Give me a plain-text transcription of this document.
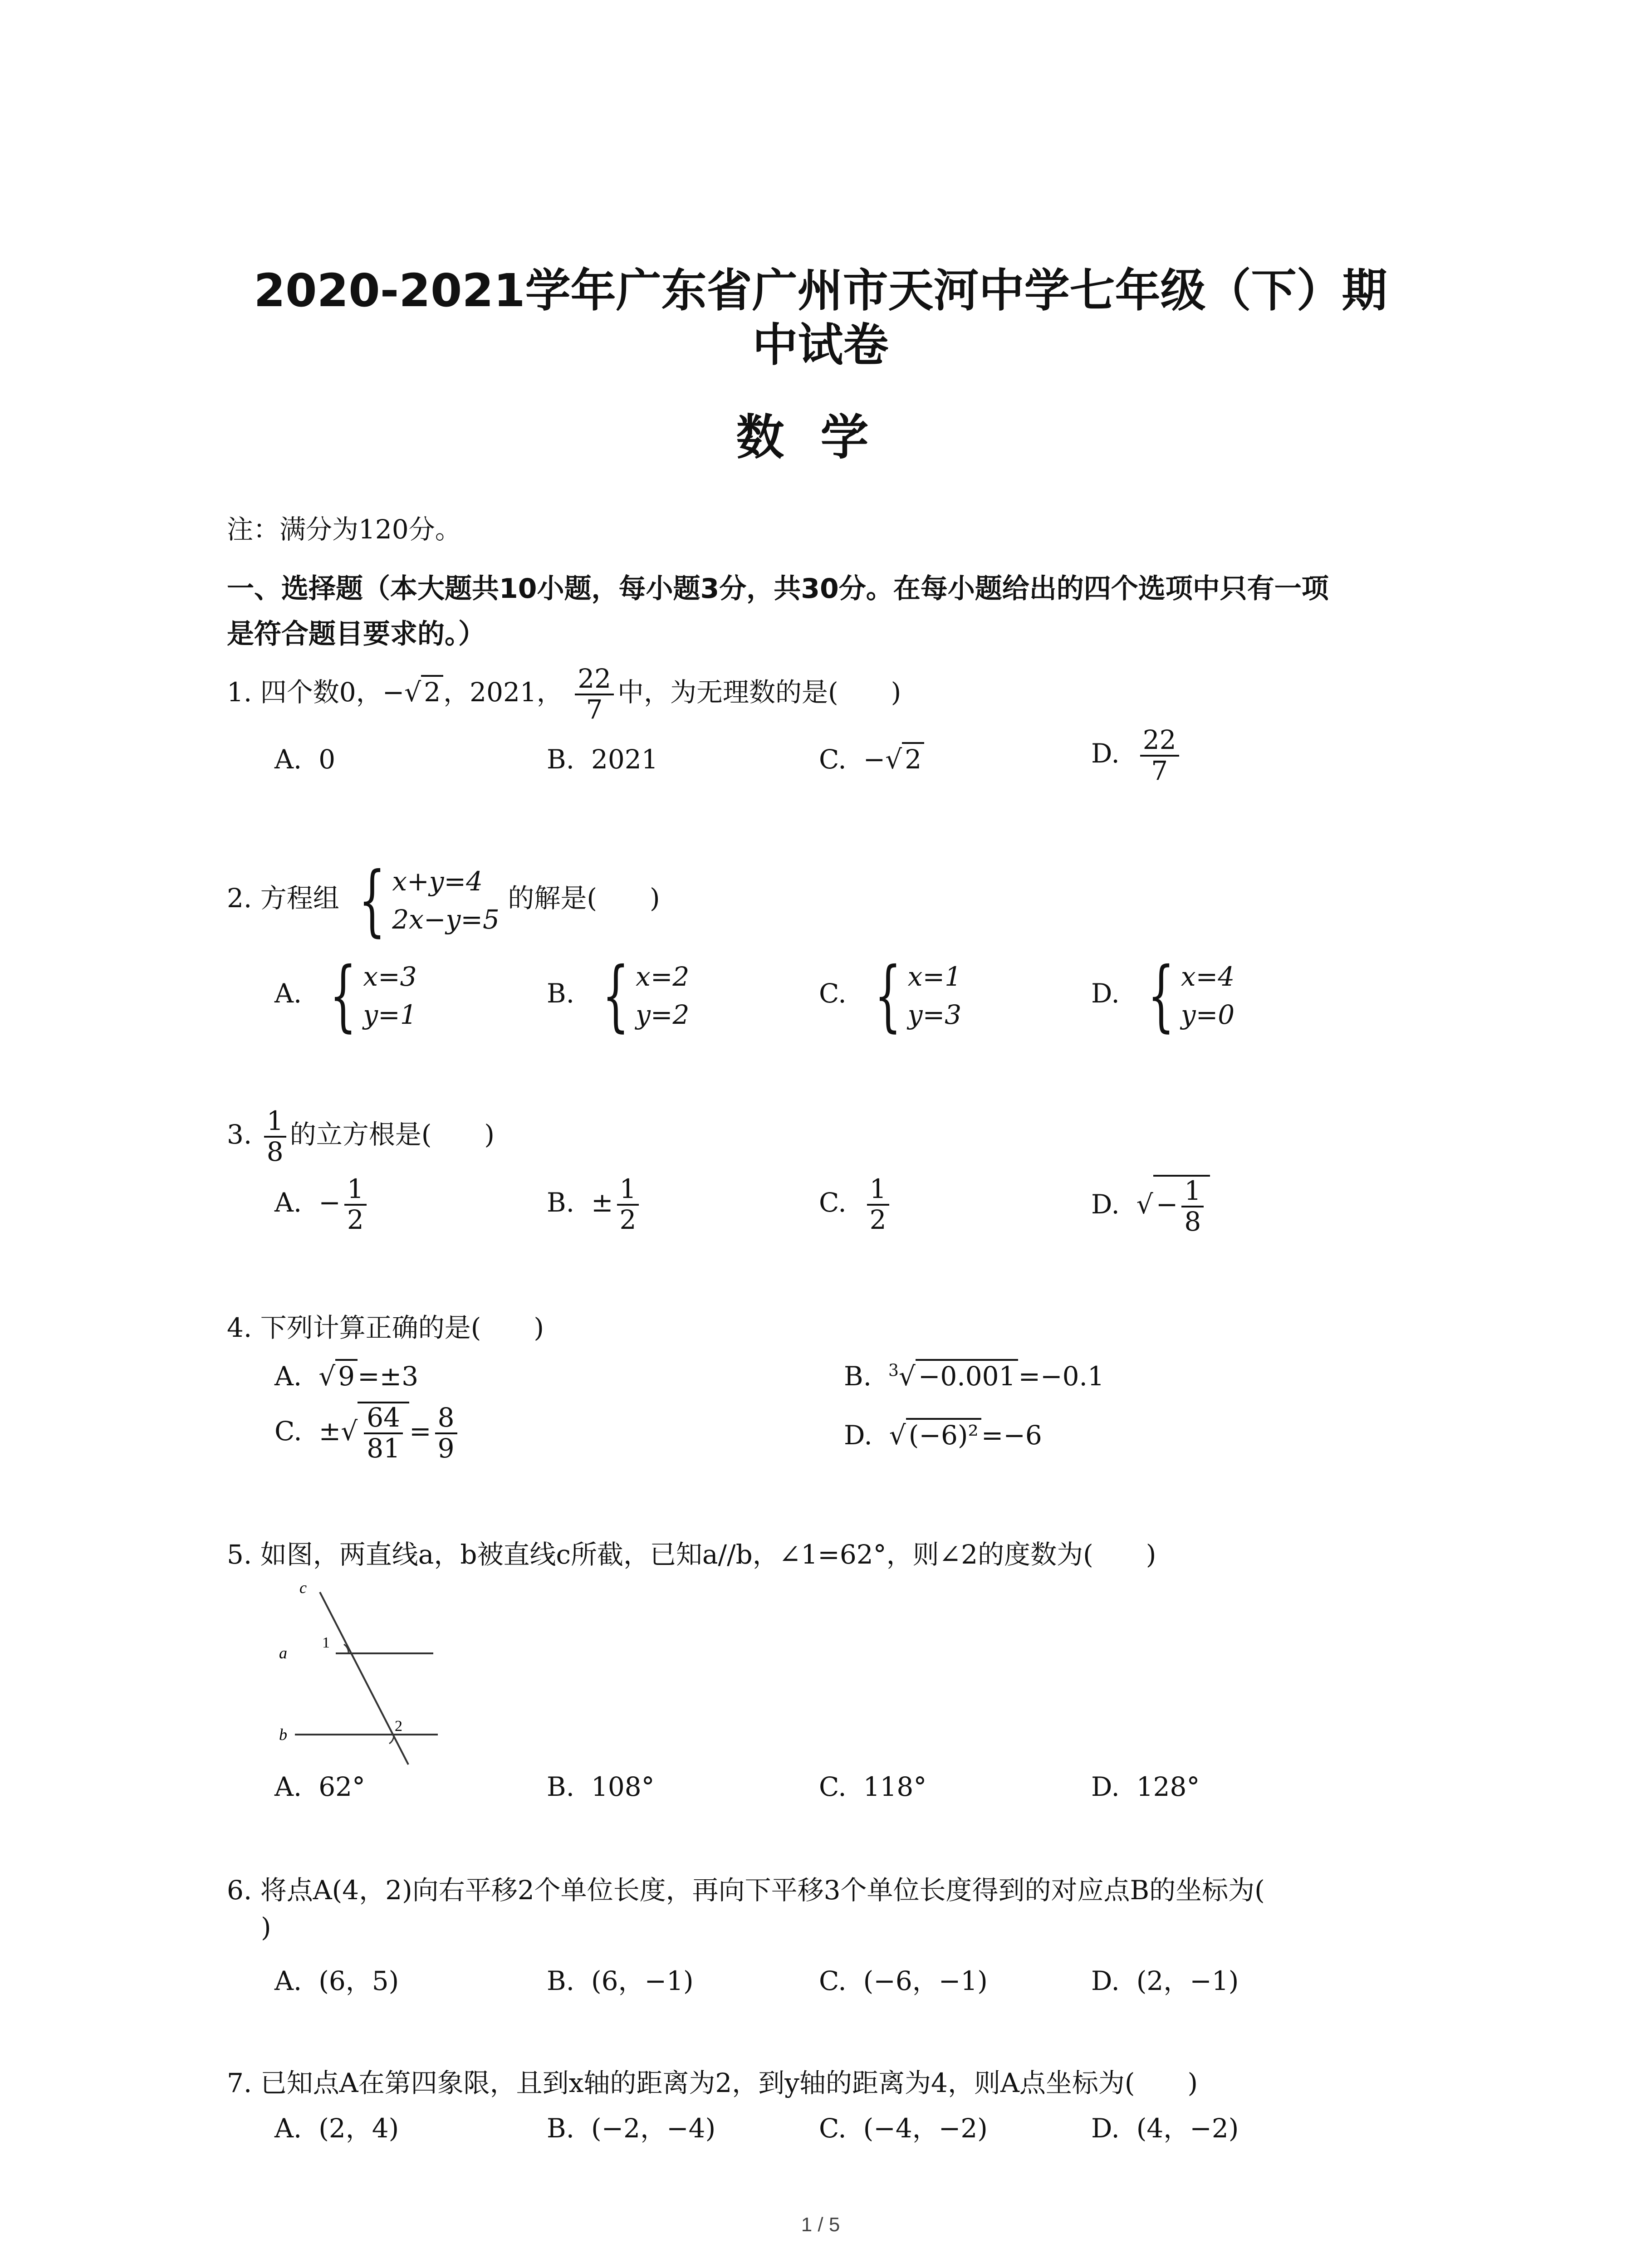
2020-2021学年广东省广州市天河中学七年级（下）期
中试卷
数学
注：满分为120分。
一、选择题（本大题共10小题，每小题3分，共30分。在每小题给出的四个选项中只有一项
是符合题目要求的。）
1. 四个数0，−√ 2 ，2021， $\frac{22}{7}$ 中，为无理数的是(　　)
A. 0	B. 2021	C. −√ 2	D. $\frac{22}{7}$
2. 方程组 { x+y=4
2x−y=5
的解是(　　)
A. { x=3
y=1
B. { x=2
y=2
C. { x=1
y=3
D. { x=4
y=0
3. $\frac{1}{8}$ 的立方根是(　　)
A. − $\frac{1}{2}$	B. ± $\frac{1}{2}$	C. $\frac{1}{2}$	D. √ − $\frac{1}{8}$
4. 下列计算正确的是(　　)
A. √ 9 =±3	B. $^3$√ −0.001 =−0.1
C. ±√ $\frac{64}{81} = \frac{8}{9}$	D. √ (−6)² =−6
5. 如图，两直线a，b被直线c所截，已知a//b，∠1=62°，则∠2的度数为(　　)
c
a
b
1
2
A. 62°	B. 108°	C. 118°	D. 128°
6. 将点A(4，2)向右平移2个单位长度，再向下平移3个单位长度得到的对应点B的坐标为(
)
A. (6，5)	B. (6，−1)	C. (−6，−1)	D. (2，−1)
7. 已知点A在第四象限，且到x轴的距离为2，到y轴的距离为4，则A点坐标为(　　)
A. (2，4)	B. (−2，−4)	C. (−4，−2)	D. (4，−2)
1 / 5
